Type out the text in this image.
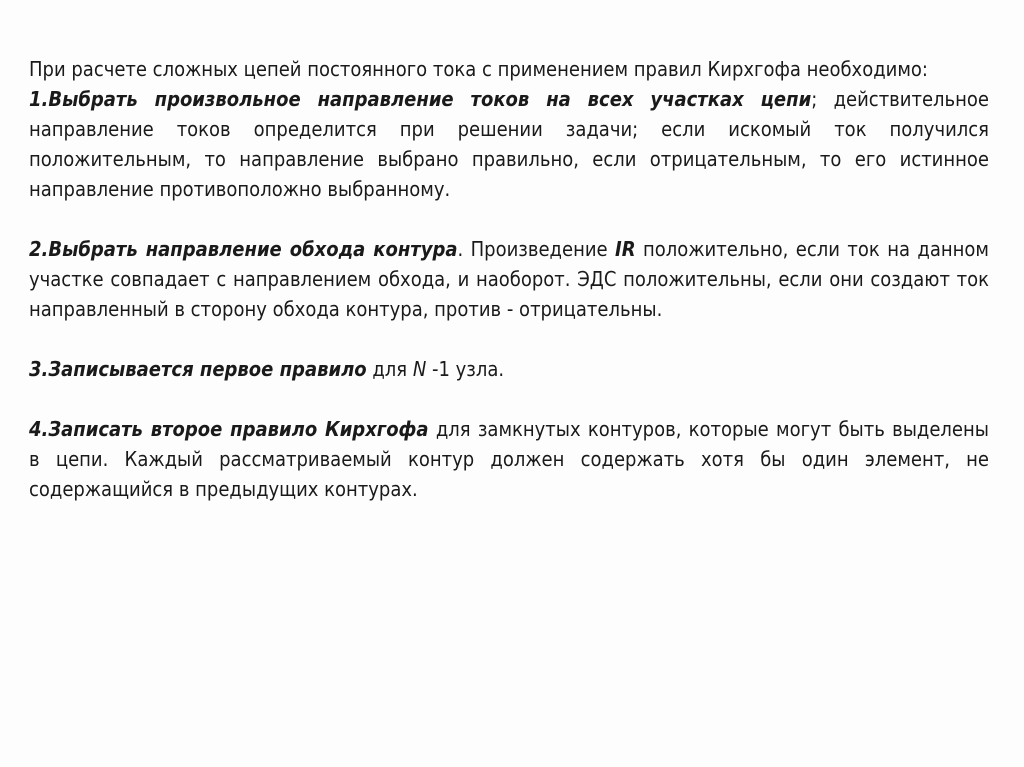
При расчете сложных цепей постоянного тока с применением правил Кирхгофа необходимо:

1.Выбрать произвольное направление токов на всех участках цепи; действительное направление токов определится при решении задачи; если искомый ток получился положительным, то направление выбрано правильно, если отрицательным, то его истинное направление противоположно выбранному.

2.Выбрать направление обхода контура. Произведение IR положительно, если ток на данном участке совпадает с направлением обхода, и наоборот. ЭДС положительны, если они создают ток направленный в сторону обхода контура, против - отрицательны.

3.Записывается первое правило для N -1 узла.

4.Записать второе правило Кирхгофа для замкнутых контуров, которые могут быть выделены в цепи. Каждый рассматриваемый контур должен содержать хотя бы один элемент, не содержащийся в предыдущих контурах.
